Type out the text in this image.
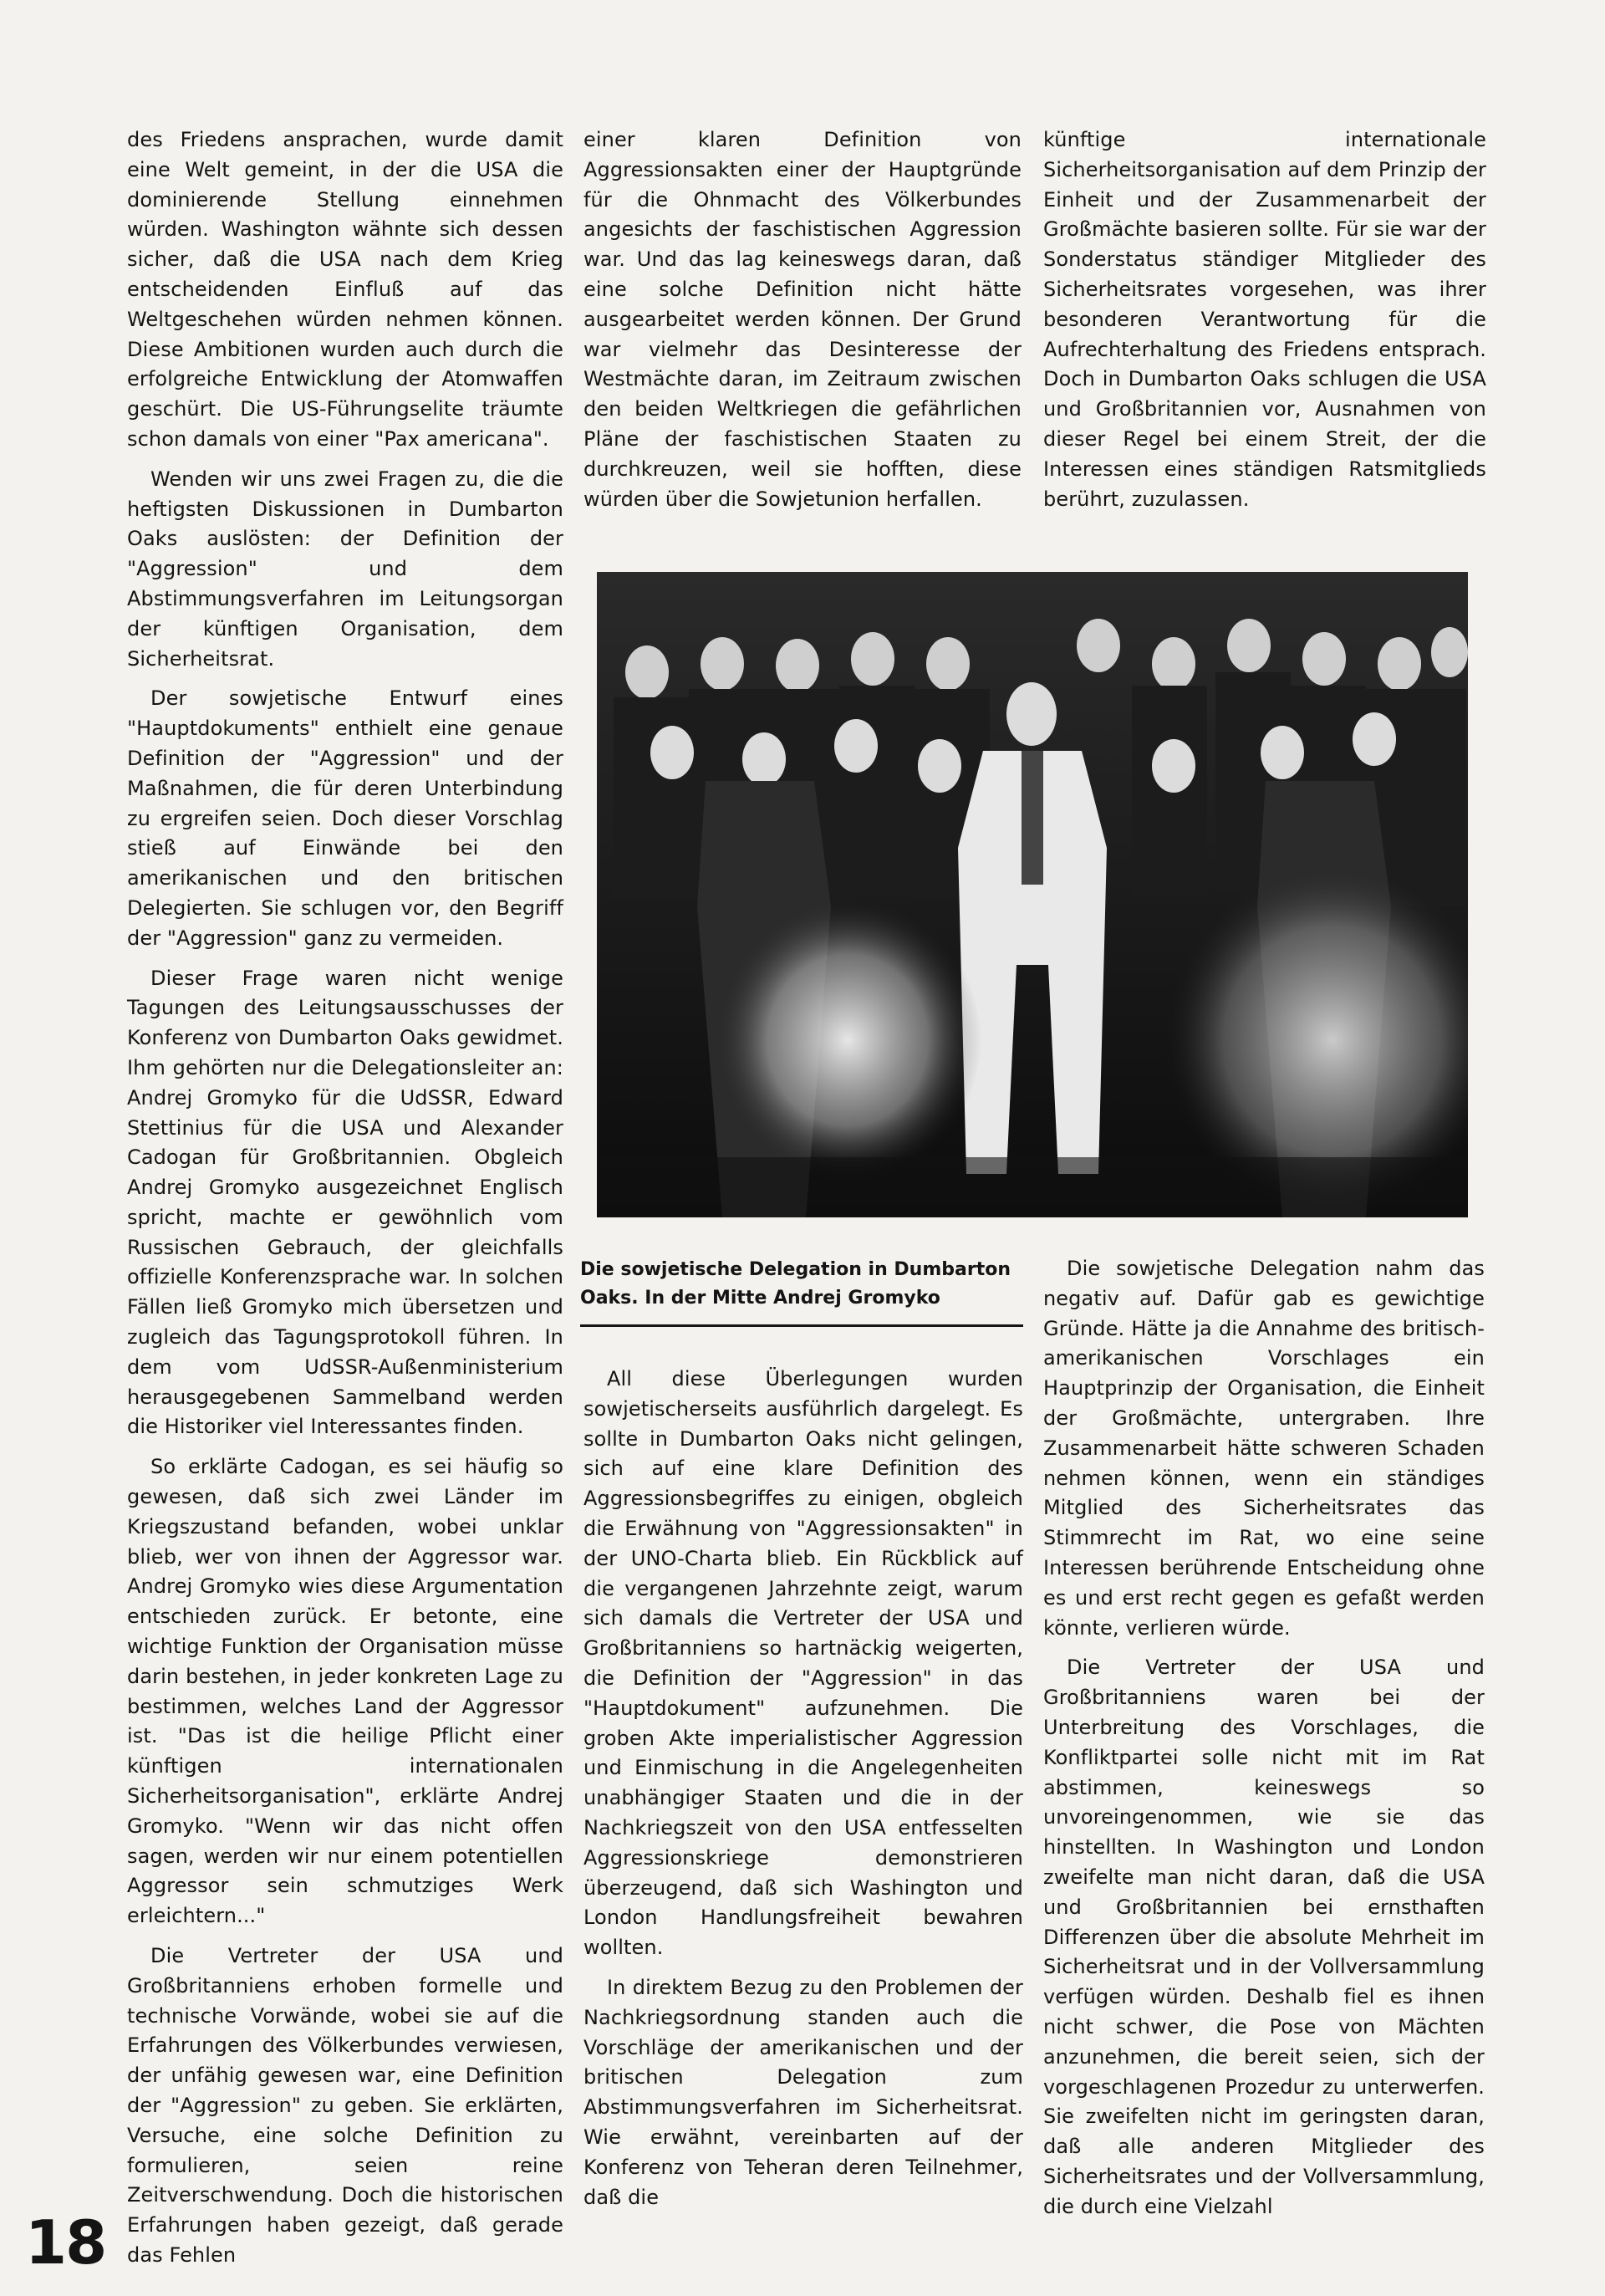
des Friedens ansprachen, wurde damit eine Welt gemeint, in der die USA die dominierende Stellung einnehmen würden. Washington wähnte sich dessen sicher, daß die USA nach dem Krieg entscheidenden Einfluß auf das Weltgeschehen würden nehmen können. Diese Ambitionen wurden auch durch die erfolgreiche Entwicklung der Atomwaffen geschürt. Die US-Führungselite träumte schon damals von einer "Pax americana".

Wenden wir uns zwei Fragen zu, die die heftigsten Diskussionen in Dumbarton Oaks auslösten: der Definition der "Aggression" und dem Abstimmungsverfahren im Leitungsorgan der künftigen Organisation, dem Sicherheitsrat.

Der sowjetische Entwurf eines "Hauptdokuments" enthielt eine genaue Definition der "Aggression" und der Maßnahmen, die für deren Unterbindung zu ergreifen seien. Doch dieser Vorschlag stieß auf Einwände bei den amerikanischen und den britischen Delegierten. Sie schlugen vor, den Begriff der "Aggression" ganz zu vermeiden.

Dieser Frage waren nicht wenige Tagungen des Leitungsausschusses der Konferenz von Dumbarton Oaks gewidmet. Ihm gehörten nur die Delegationsleiter an: Andrej Gromyko für die UdSSR, Edward Stettinius für die USA und Alexander Cadogan für Großbritannien. Obgleich Andrej Gromyko ausgezeichnet Englisch spricht, machte er gewöhnlich vom Russischen Gebrauch, der gleichfalls offizielle Konferenzsprache war. In solchen Fällen ließ Gromyko mich übersetzen und zugleich das Tagungsprotokoll führen. In dem vom UdSSR-Außenministerium herausgegebenen Sammelband werden die Historiker viel Interessantes finden.

So erklärte Cadogan, es sei häufig so gewesen, daß sich zwei Länder im Kriegszustand befanden, wobei unklar blieb, wer von ihnen der Aggressor war. Andrej Gromyko wies diese Argumentation entschieden zurück. Er betonte, eine wichtige Funktion der Organisation müsse darin bestehen, in jeder konkreten Lage zu bestimmen, welches Land der Aggressor ist. "Das ist die heilige Pflicht einer künftigen internationalen Sicherheitsorganisation", erklärte Andrej Gromyko. "Wenn wir das nicht offen sagen, werden wir nur einem potentiellen Aggressor sein schmutziges Werk erleichtern..."

Die Vertreter der USA und Großbritanniens erhoben formelle und technische Vorwände, wobei sie auf die Erfahrungen des Völkerbundes verwiesen, der unfähig gewesen war, eine Definition der "Aggression" zu geben. Sie erklärten, Versuche, eine solche Definition zu formulieren, seien reine Zeitverschwendung. Doch die historischen Erfahrungen haben gezeigt, daß gerade das Fehlen

einer klaren Definition von Aggressionsakten einer der Hauptgründe für die Ohnmacht des Völkerbundes angesichts der faschistischen Aggression war. Und das lag keineswegs daran, daß eine solche Definition nicht hätte ausgearbeitet werden können. Der Grund war vielmehr das Desinteresse der Westmächte daran, im Zeitraum zwischen den beiden Weltkriegen die gefährlichen Pläne der faschistischen Staaten zu durchkreuzen, weil sie hofften, diese würden über die Sowjetunion herfallen.

künftige internationale Sicherheitsorganisation auf dem Prinzip der Einheit und der Zusammenarbeit der Großmächte basieren sollte. Für sie war der Sonderstatus ständiger Mitglieder des Sicherheitsrates vorgesehen, was ihrer besonderen Verantwortung für die Aufrechterhaltung des Friedens entsprach. Doch in Dumbarton Oaks schlugen die USA und Großbritannien vor, Ausnahmen von dieser Regel bei einem Streit, der die Interessen eines ständigen Ratsmitglieds berührt, zuzulassen.

Die sowjetische Delegation in Dumbarton Oaks. In der Mitte Andrej Gromyko

All diese Überlegungen wurden sowjetischerseits ausführlich dargelegt. Es sollte in Dumbarton Oaks nicht gelingen, sich auf eine klare Definition des Aggressionsbegriffes zu einigen, obgleich die Erwähnung von "Aggressionsakten" in der UNO-Charta blieb. Ein Rückblick auf die vergangenen Jahrzehnte zeigt, warum sich damals die Vertreter der USA und Großbritanniens so hartnäckig weigerten, die Definition der "Aggression" in das "Hauptdokument" aufzunehmen. Die groben Akte imperialistischer Aggression und Einmischung in die Angelegenheiten unabhängiger Staaten und die in der Nachkriegszeit von den USA entfesselten Aggressionskriege demonstrieren überzeugend, daß sich Washington und London Handlungsfreiheit bewahren wollten.

In direktem Bezug zu den Problemen der Nachkriegsordnung standen auch die Vorschläge der amerikanischen und der britischen Delegation zum Abstimmungsverfahren im Sicherheitsrat. Wie erwähnt, vereinbarten auf der Konferenz von Teheran deren Teilnehmer, daß die

Die sowjetische Delegation nahm das negativ auf. Dafür gab es gewichtige Gründe. Hätte ja die Annahme des britisch-amerikanischen Vorschlages ein Hauptprinzip der Organisation, die Einheit der Großmächte, untergraben. Ihre Zusammenarbeit hätte schweren Schaden nehmen können, wenn ein ständiges Mitglied des Sicherheitsrates das Stimmrecht im Rat, wo eine seine Interessen berührende Entscheidung ohne es und erst recht gegen es gefaßt werden könnte, verlieren würde.

Die Vertreter der USA und Großbritanniens waren bei der Unterbreitung des Vorschlages, die Konfliktpartei solle nicht mit im Rat abstimmen, keineswegs so unvoreingenommen, wie sie das hinstellten. In Washington und London zweifelte man nicht daran, daß die USA und Großbritannien bei ernsthaften Differenzen über die absolute Mehrheit im Sicherheitsrat und in der Vollversammlung verfügen würden. Deshalb fiel es ihnen nicht schwer, die Pose von Mächten anzunehmen, die bereit seien, sich der vorgeschlagenen Prozedur zu unterwerfen. Sie zweifelten nicht im geringsten daran, daß alle anderen Mitglieder des Sicherheitsrates und der Vollversammlung, die durch eine Vielzahl

18
